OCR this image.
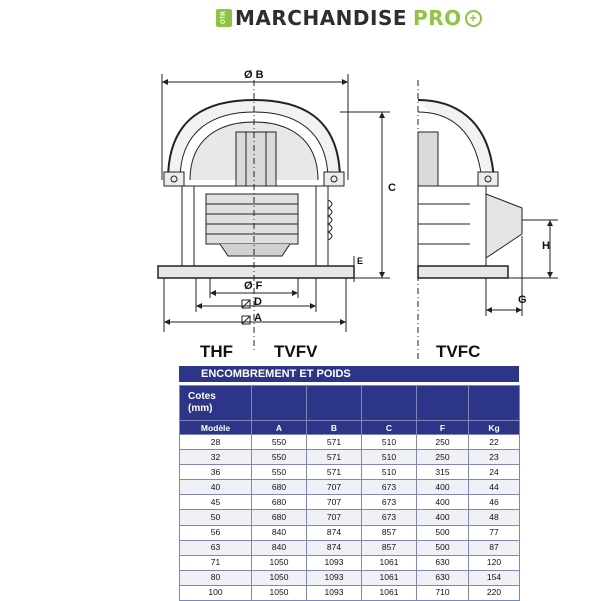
OTR MARCHANDISE PRO +
Ø B
C
E
Ø F
D
A
H
G
THF TVFV	TVFC
ENCOMBREMENT ET POIDS
Cotes
(mm)					
Modèle	A	B	C	F	Kg
28	550	571	510	250	22
32	550	571	510	250	23
36	550	571	510	315	24
40	680	707	673	400	44
45	680	707	673	400	46
50	680	707	673	400	48
56	840	874	857	500	77
63	840	874	857	500	87
71	1050	1093	1061	630	120
80	1050	1093	1061	630	154
100	1050	1093	1061	710	220
